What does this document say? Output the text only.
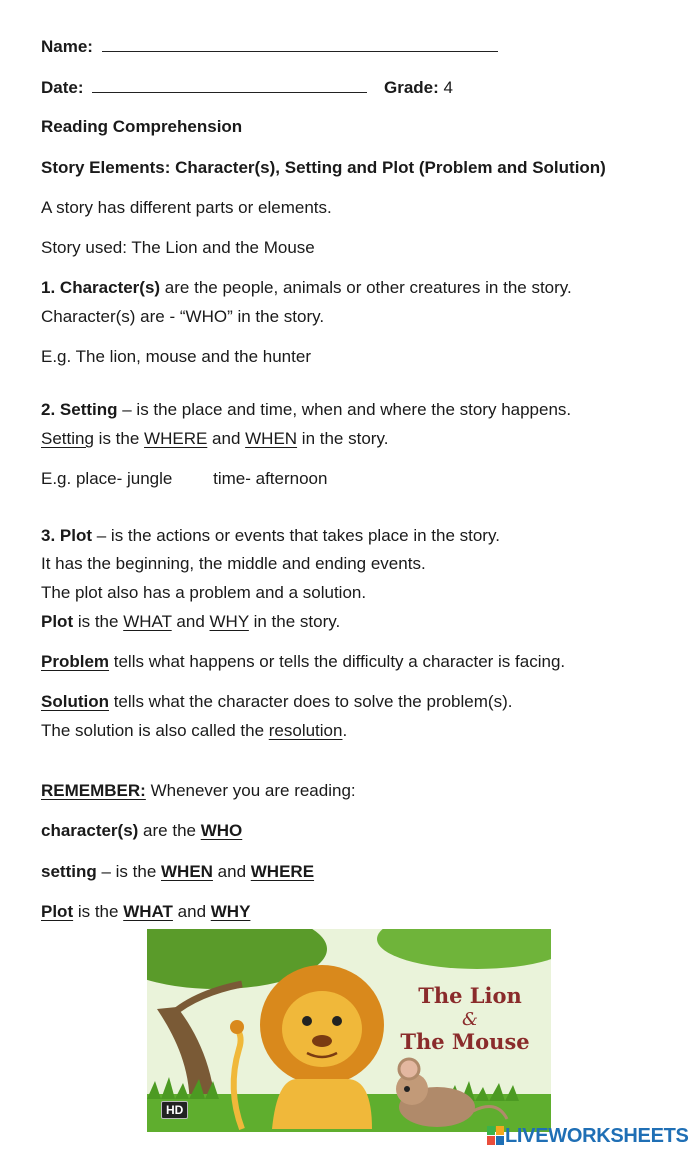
Name:
Date:	Grade: 4
Reading Comprehension
Story Elements: Character(s), Setting and Plot (Problem and Solution)
A story has different parts or elements.
Story used: The Lion and the Mouse
1. Character(s) are the people, animals or other creatures in the story.
Character(s) are - “WHO” in the story.
E.g. The lion, mouse and the hunter
2. Setting – is the place and time, when and where the story happens.
Setting is the WHERE and WHEN in the story.
E.g. place- jungle time- afternoon
3. Plot – is the actions or events that takes place in the story.
It has the beginning, the middle and ending events.
The plot also has a problem and a solution.
Plot is the WHAT and WHY in the story.
Problem tells what happens or tells the difficulty a character is facing.
Solution tells what the character does to solve the problem(s).
The solution is also called the resolution.
REMEMBER: Whenever you are reading:
character(s) are the WHO
setting – is the WHEN and WHERE
Plot is the WHAT and WHY
The Lion
&
The Mouse
HD
LIVEWORKSHEETS
